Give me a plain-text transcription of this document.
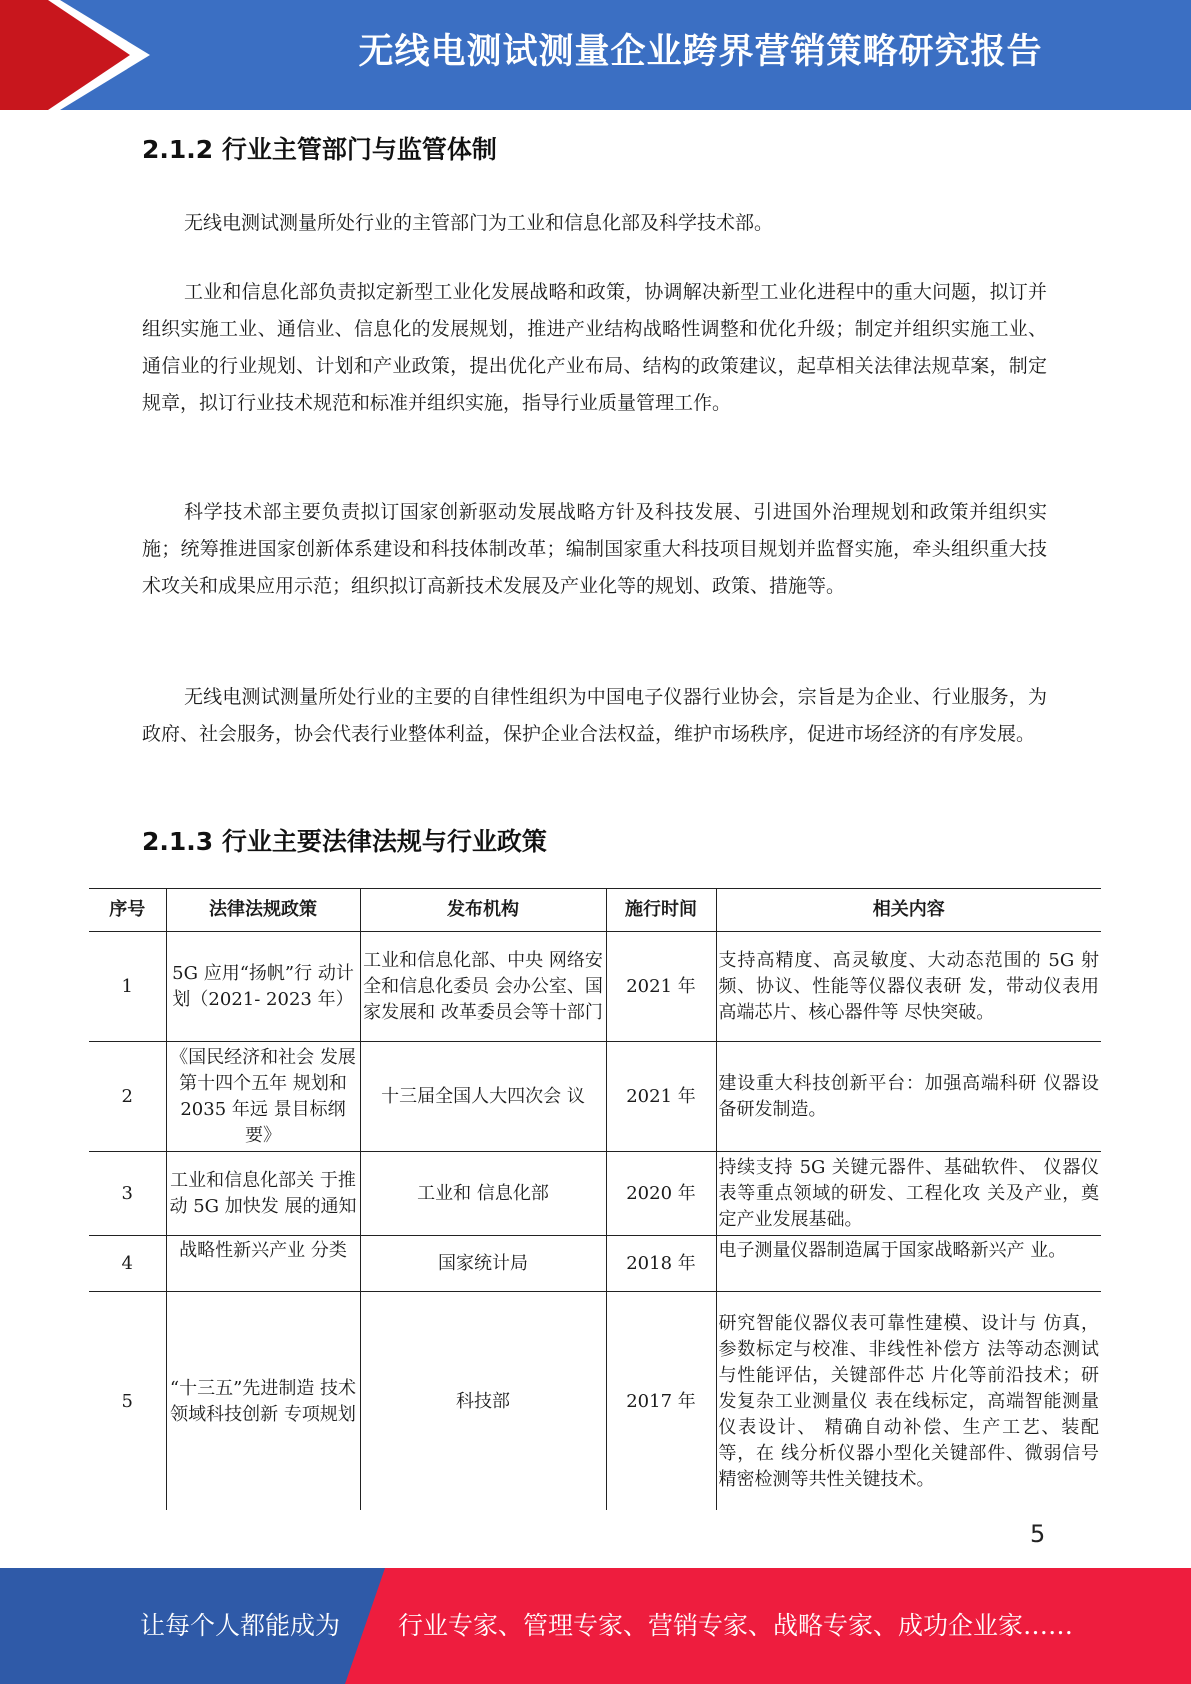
无线电测试测量企业跨界营销策略研究报告
2.1.2 行业主管部门与监管体制

无线电测试测量所处行业的主管部门为工业和信息化部及科学技术部。

工业和信息化部负责拟定新型工业化发展战略和政策，协调解决新型工业化进程中的重大问题，拟订并组织实施工业、通信业、信息化的发展规划，推进产业结构战略性调整和优化升级；制定并组织实施工业、通信业的行业规划、计划和产业政策，提出优化产业布局、结构的政策建议，起草相关法律法规草案，制定规章，拟订行业技术规范和标准并组织实施，指导行业质量管理工作。

科学技术部主要负责拟订国家创新驱动发展战略方针及科技发展、引进国外治理规划和政策并组织实施；统筹推进国家创新体系建设和科技体制改革；编制国家重大科技项目规划并监督实施，牵头组织重大技术攻关和成果应用示范；组织拟订高新技术发展及产业化等的规划、政策、措施等。

无线电测试测量所处行业的主要的自律性组织为中国电子仪器行业协会，宗旨是为企业、行业服务，为政府、社会服务，协会代表行业整体利益，保护企业合法权益，维护市场秩序，促进市场经济的有序发展。

2.1.3 行业主要法律法规与行业政策
序号	法律法规政策	发布机构	施行时间	相关内容
1	5G 应用“扬帆”行 动计划（2021- 2023 年）	工业和信息化部、中央 网络安全和信息化委员 会办公室、国家发展和 改革委员会等十部门	2021 年	支持高精度、高灵敏度、大动态范围的 5G 射频、协议、性能等仪器仪表研 发，带动仪表用高端芯片、核心器件等 尽快突破。
2	《国民经济和社会 发展第十四个五年 规划和 2035 年远 景目标纲要》	十三届全国人大四次会 议	2021 年	建设重大科技创新平台：加强高端科研 仪器设备研发制造。
3	工业和信息化部关 于推动 5G 加快发 展的通知	工业和 信息化部	2020 年	持续支持 5G 关键元器件、基础软件、 仪器仪表等重点领域的研发、工程化攻 关及产业，奠定产业发展基础。
4	战略性新兴产业 分类	国家统计局	2018 年	电子测量仪器制造属于国家战略新兴产 业。
5	“十三五”先进制造 技术领域科技创新 专项规划	科技部	2017 年	研究智能仪器仪表可靠性建模、设计与 仿真，参数标定与校准、非线性补偿方 法等动态测试与性能评估，关键部件芯 片化等前沿技术；研发复杂工业测量仪 表在线标定，高端智能测量仪表设计、 精确自动补偿、生产工艺、装配等，在 线分析仪器小型化关键部件、微弱信号 精密检测等共性关键技术。
5
让每个人都能成为 行业专家、管理专家、营销专家、战略专家、成功企业家……
